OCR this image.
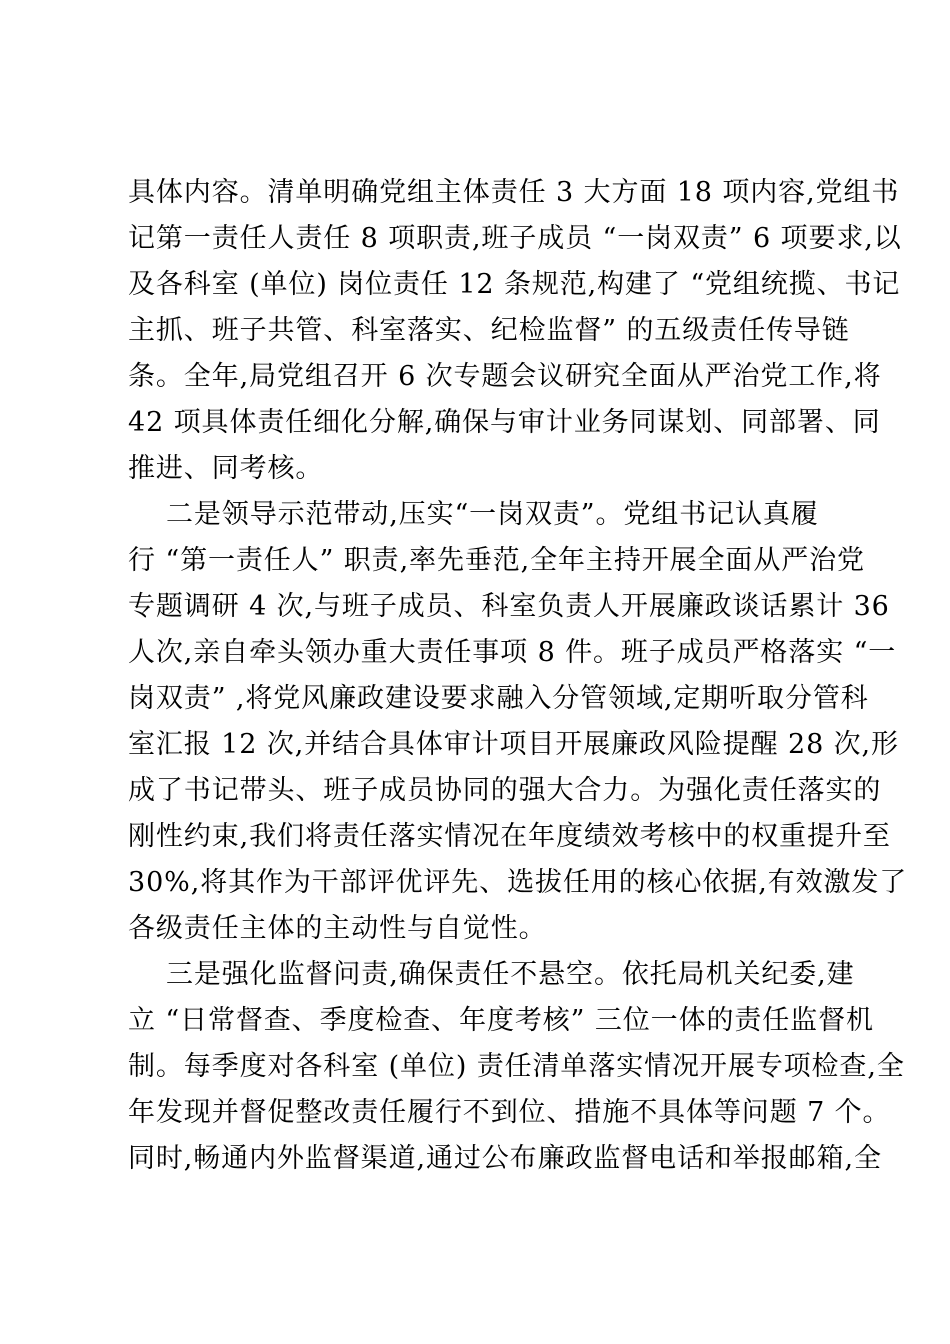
具体内容。清单明确党组主体责任 3 大方面 18 项内容,党组书
记第一责任人责任 8 项职责,班子成员 “一岗双责” 6 项要求,以
及各科室 (单位) 岗位责任 12 条规范,构建了 “党组统揽、书记
主抓、班子共管、科室落实、纪检监督” 的五级责任传导链
条。全年,局党组召开 6 次专题会议研究全面从严治党工作,将
42 项具体责任细化分解,确保与审计业务同谋划、同部署、同
推进、同考核。
二是领导示范带动,压实“一岗双责”。党组书记认真履
行 “第一责任人” 职责,率先垂范,全年主持开展全面从严治党
专题调研 4 次,与班子成员、科室负责人开展廉政谈话累计 36
人次,亲自牵头领办重大责任事项 8 件。班子成员严格落实 “一
岗双责” ,将党风廉政建设要求融入分管领域,定期听取分管科
室汇报 12 次,并结合具体审计项目开展廉政风险提醒 28 次,形
成了书记带头、班子成员协同的强大合力。为强化责任落实的
刚性约束,我们将责任落实情况在年度绩效考核中的权重提升至
30%,将其作为干部评优评先、选拔任用的核心依据,有效激发了
各级责任主体的主动性与自觉性。
三是强化监督问责,确保责任不悬空。依托局机关纪委,建
立 “日常督查、季度检查、年度考核” 三位一体的责任监督机
制。每季度对各科室 (单位) 责任清单落实情况开展专项检查,全
年发现并督促整改责任履行不到位、措施不具体等问题 7 个。
同时,畅通内外监督渠道,通过公布廉政监督电话和举报邮箱,全
